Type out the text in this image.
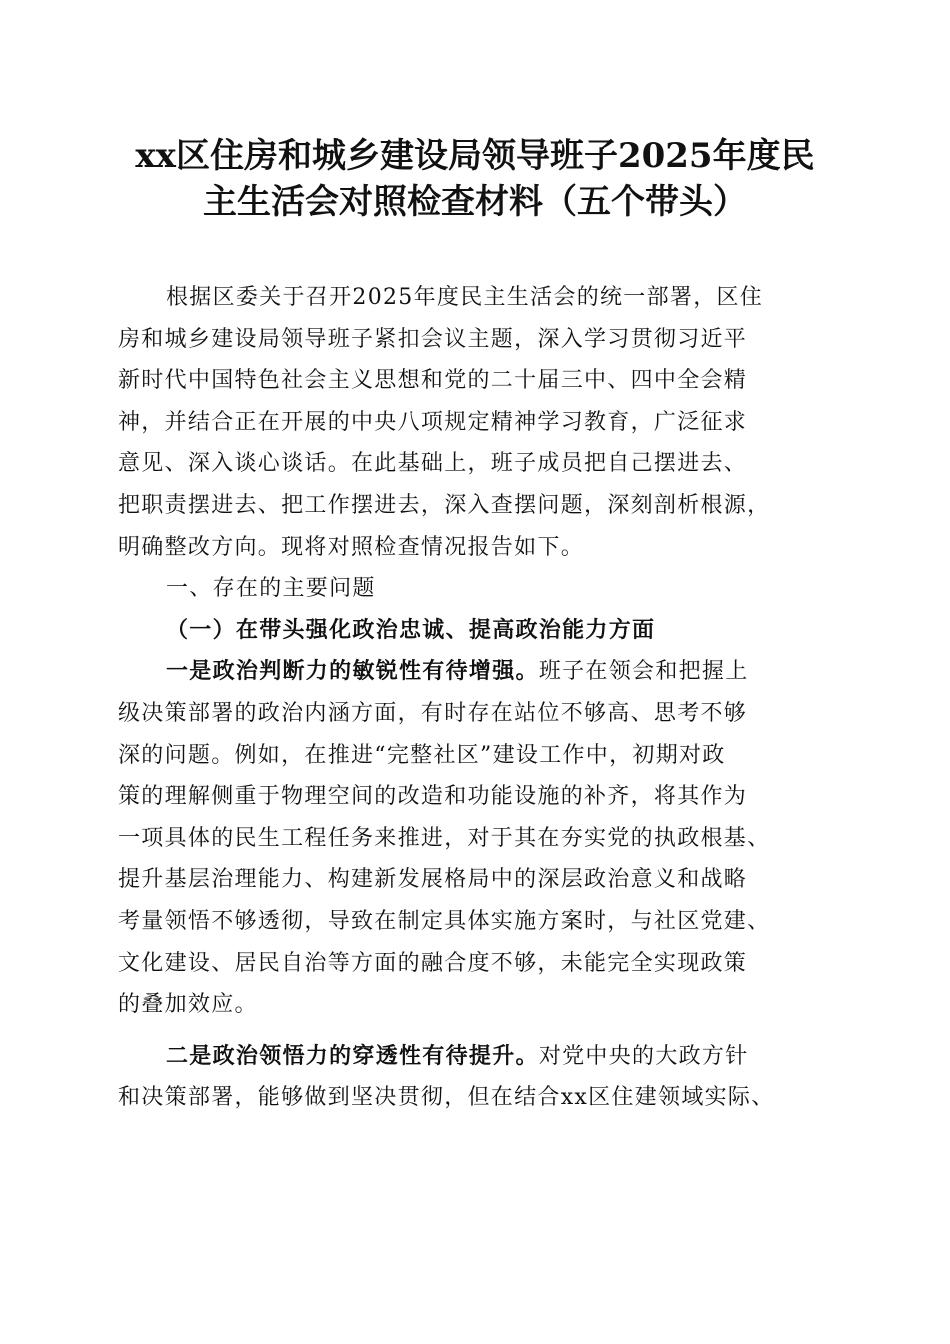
xx区住房和城乡建设局领导班子2025年度民
主生活会对照检查材料（五个带头）
根据区委关于召开2025年度民主生活会的统一部署，区住
房和城乡建设局领导班子紧扣会议主题，深入学习贯彻习近平
新时代中国特色社会主义思想和党的二十届三中、四中全会精
神，并结合正在开展的中央八项规定精神学习教育，广泛征求
意见、深入谈心谈话。在此基础上，班子成员把自己摆进去、
把职责摆进去、把工作摆进去，深入查摆问题，深刻剖析根源，
明确整改方向。现将对照检查情况报告如下。
一、存在的主要问题
（一）在带头强化政治忠诚、提高政治能力方面
一是政治判断力的敏锐性有待增强。班子在领会和把握上
级决策部署的政治内涵方面，有时存在站位不够高、思考不够
深的问题。例如，在推进“完整社区”建设工作中，初期对政
策的理解侧重于物理空间的改造和功能设施的补齐，将其作为
一项具体的民生工程任务来推进，对于其在夯实党的执政根基、
提升基层治理能力、构建新发展格局中的深层政治意义和战略
考量领悟不够透彻，导致在制定具体实施方案时，与社区党建、
文化建设、居民自治等方面的融合度不够，未能完全实现政策
的叠加效应。
二是政治领悟力的穿透性有待提升。对党中央的大政方针
和决策部署，能够做到坚决贯彻，但在结合xx区住建领域实际、
